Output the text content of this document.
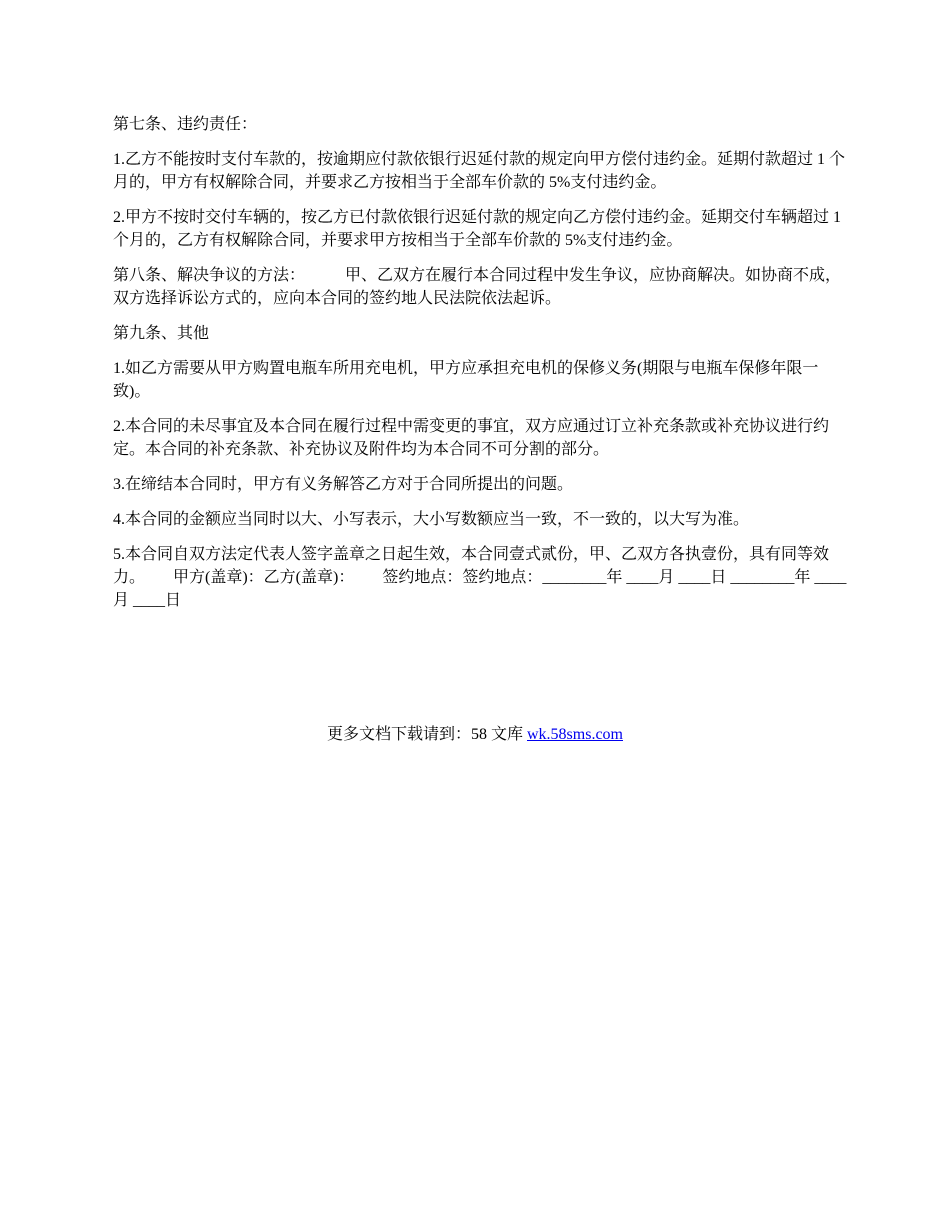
第七条、违约责任：

1.乙方不能按时支付车款的，按逾期应付款依银行迟延付款的规定向甲方偿付违约金。延期付款超过 1 个月的，甲方有权解除合同，并要求乙方按相当于全部车价款的 5%支付违约金。

2.甲方不按时交付车辆的，按乙方已付款依银行迟延付款的规定向乙方偿付违约金。延期交付车辆超过 1 个月的，乙方有权解除合同，并要求甲方按相当于全部车价款的 5%支付违约金。

第八条、解决争议的方法：　　　甲、乙双方在履行本合同过程中发生争议，应协商解决。如协商不成，双方选择诉讼方式的，应向本合同的签约地人民法院依法起诉。

第九条、其他

1.如乙方需要从甲方购置电瓶车所用充电机，甲方应承担充电机的保修义务(期限与电瓶车保修年限一致)。

2.本合同的未尽事宜及本合同在履行过程中需变更的事宜，双方应通过订立补充条款或补充协议进行约定。本合同的补充条款、补充协议及附件均为本合同不可分割的部分。

3.在缔结本合同时，甲方有义务解答乙方对于合同所提出的问题。

4.本合同的金额应当同时以大、小写表示，大小写数额应当一致，不一致的，以大写为准。

5.本合同自双方法定代表人签字盖章之日起生效，本合同壹式贰份，甲、乙双方各执壹份，具有同等效力。　　 甲方(盖章)：乙方(盖章)：　　 签约地点：签约地点：________年 ____月 ____日 ________年 ____月 ____日

更多文档下载请到：58 文库 wk.58sms.com
